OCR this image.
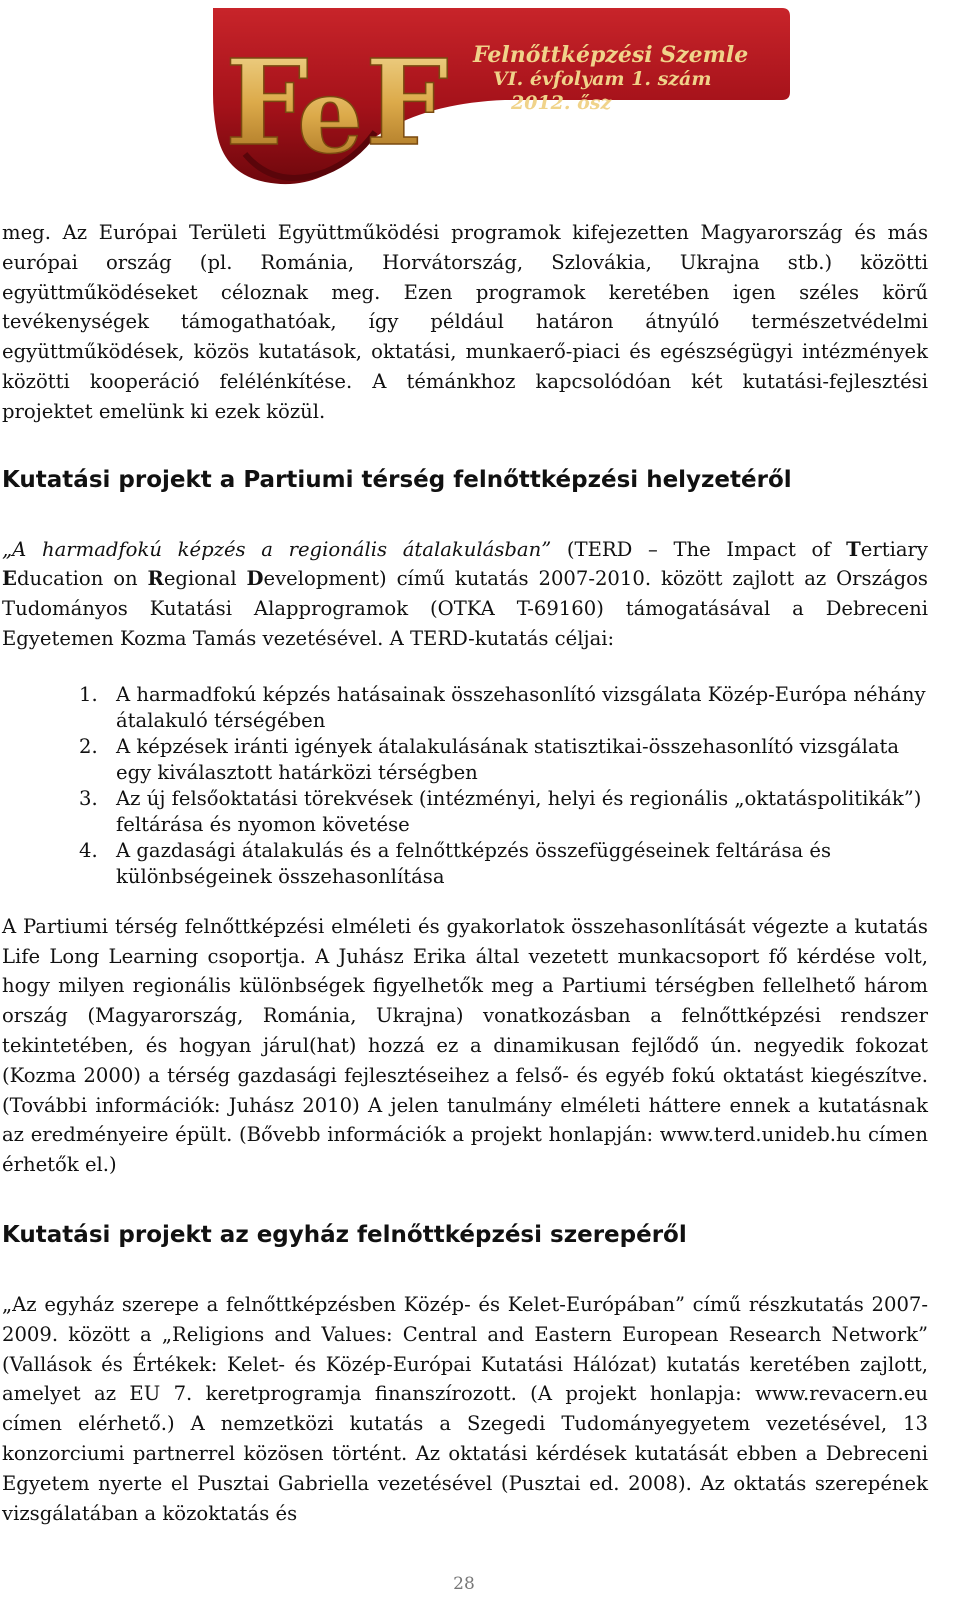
F
e F Felnőttképzési Szemle
VI. évfolyam 1. szám
2012. ősz

meg. Az Európai Területi Együttműködési programok kifejezetten Magyarország és más európai ország (pl. Románia, Horvátország, Szlovákia, Ukrajna stb.) közötti együttműködéseket céloznak meg. Ezen programok keretében igen széles körű tevékenységek támogathatóak, így például határon átnyúló természetvédelmi együttműködések, közös kutatások, oktatási, munkaerő-piaci és egészségügyi intézmények közötti kooperáció felélénkítése. A témánkhoz kapcsolódóan két kutatási-fejlesztési projektet emelünk ki ezek közül.

Kutatási projekt a Partiumi térség felnőttképzési helyzetéről

„A harmadfokú képzés a regionális átalakulásban” (TERD – The Impact of Tertiary Education on Regional Development) című kutatás 2007-2010. között zajlott az Országos Tudományos Kutatási Alapprogramok (OTKA T-69160) támogatásával a Debreceni Egyetemen Kozma Tamás vezetésével. A TERD-kutatás céljai:

1. A harmadfokú képzés hatásainak összehasonlító vizsgálata Közép-Európa néhány átalakuló térségében
2. A képzések iránti igények átalakulásának statisztikai-összehasonlító vizsgálata egy kiválasztott határközi térségben
3. Az új felsőoktatási törekvések (intézményi, helyi és regionális „oktatáspolitikák”) feltárása és nyomon követése
4. A gazdasági átalakulás és a felnőttképzés összefüggéseinek feltárása és különbségeinek összehasonlítása

A Partiumi térség felnőttképzési elméleti és gyakorlatok összehasonlítását végezte a kutatás Life Long Learning csoportja. A Juhász Erika által vezetett munkacsoport fő kérdése volt, hogy milyen regionális különbségek figyelhetők meg a Partiumi térségben fellelhető három ország (Magyarország, Románia, Ukrajna) vonatkozásban a felnőttképzési rendszer tekintetében, és hogyan járul(hat) hozzá ez a dinamikusan fejlődő ún. negyedik fokozat (Kozma 2000) a térség gazdasági fejlesztéseihez a felső- és egyéb fokú oktatást kiegészítve. (További információk: Juhász 2010) A jelen tanulmány elméleti háttere ennek a kutatásnak az eredményeire épült. (Bővebb információk a projekt honlapján: www.terd.unideb.hu címen érhetők el.)

Kutatási projekt az egyház felnőttképzési szerepéről

„Az egyház szerepe a felnőttképzésben Közép- és Kelet-Európában” című részkutatás 2007-2009. között a „Religions and Values: Central and Eastern European Research Network” (Vallások és Értékek: Kelet- és Közép-Európai Kutatási Hálózat) kutatás keretében zajlott, amelyet az EU 7. keretprogramja finanszírozott. (A projekt honlapja: www.revacern.eu címen elérhető.) A nemzetközi kutatás a Szegedi Tudományegyetem vezetésével, 13 konzorciumi partnerrel közösen történt. Az oktatási kérdések kutatását ebben a Debreceni Egyetem nyerte el Pusztai Gabriella vezetésével (Pusztai ed. 2008). Az oktatás szerepének vizsgálatában a közoktatás és

28
